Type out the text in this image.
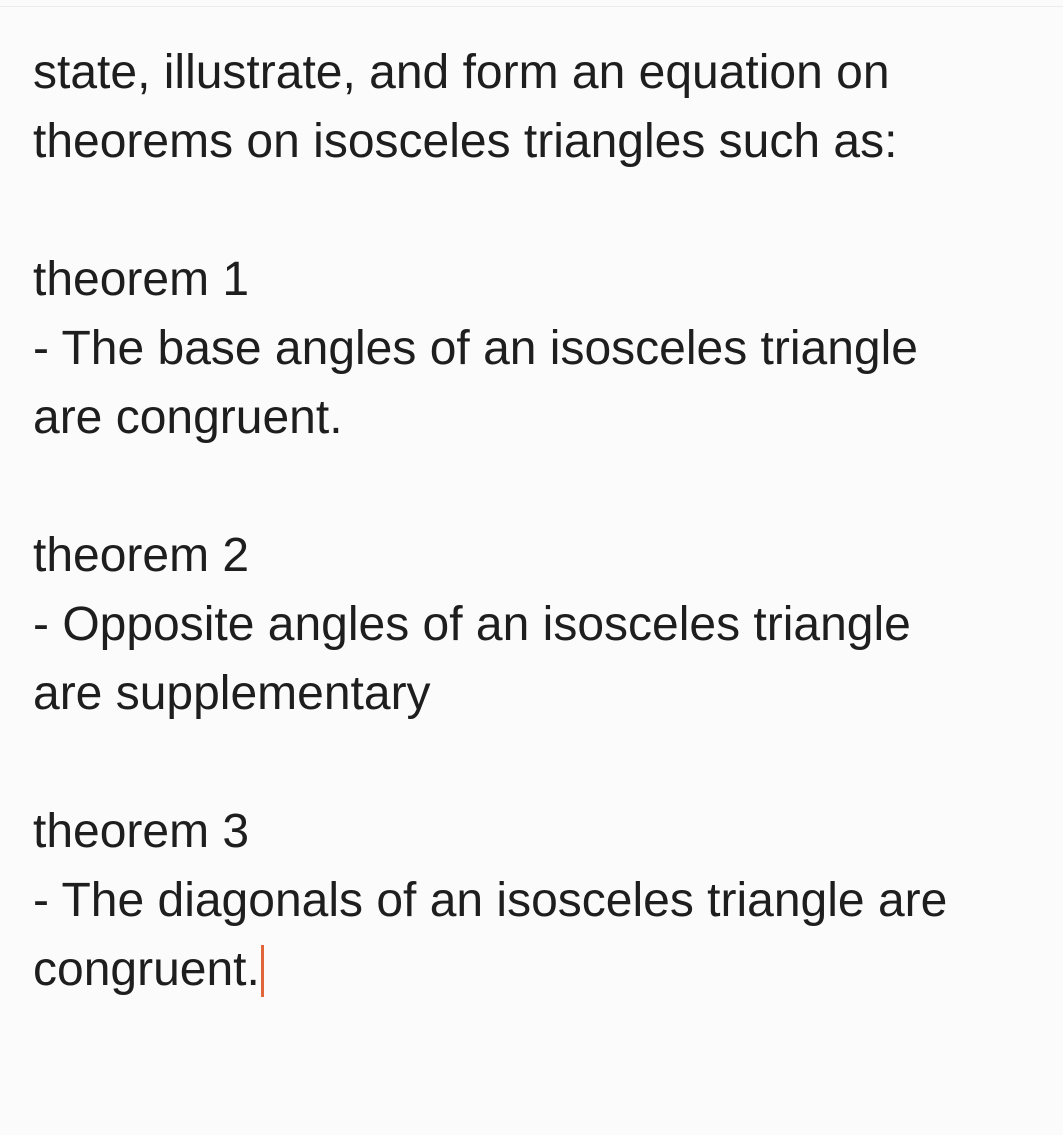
state, illustrate, and form an equation on
theorems on isosceles triangles such as:
theorem 1
- The base angles of an isosceles triangle
are congruent.
theorem 2
- Opposite angles of an isosceles triangle
are supplementary
theorem 3
- The diagonals of an isosceles triangle are
congruent.
